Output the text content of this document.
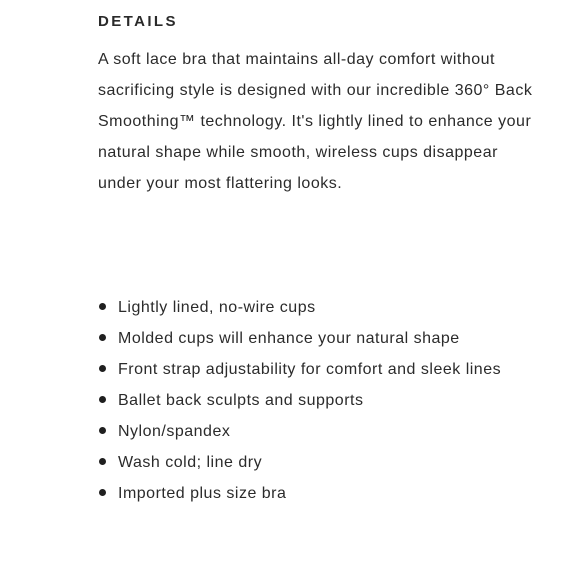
DETAILS

A soft lace bra that maintains all-day comfort without sacrificing style is designed with our incredible 360° Back Smoothing™ technology. It's lightly lined to enhance your natural shape while smooth, wireless cups disappear under your most flattering looks.

Lightly lined, no-wire cups
Molded cups will enhance your natural shape
Front strap adjustability for comfort and sleek lines
Ballet back sculpts and supports
Nylon/spandex
Wash cold; line dry
Imported plus size bra
